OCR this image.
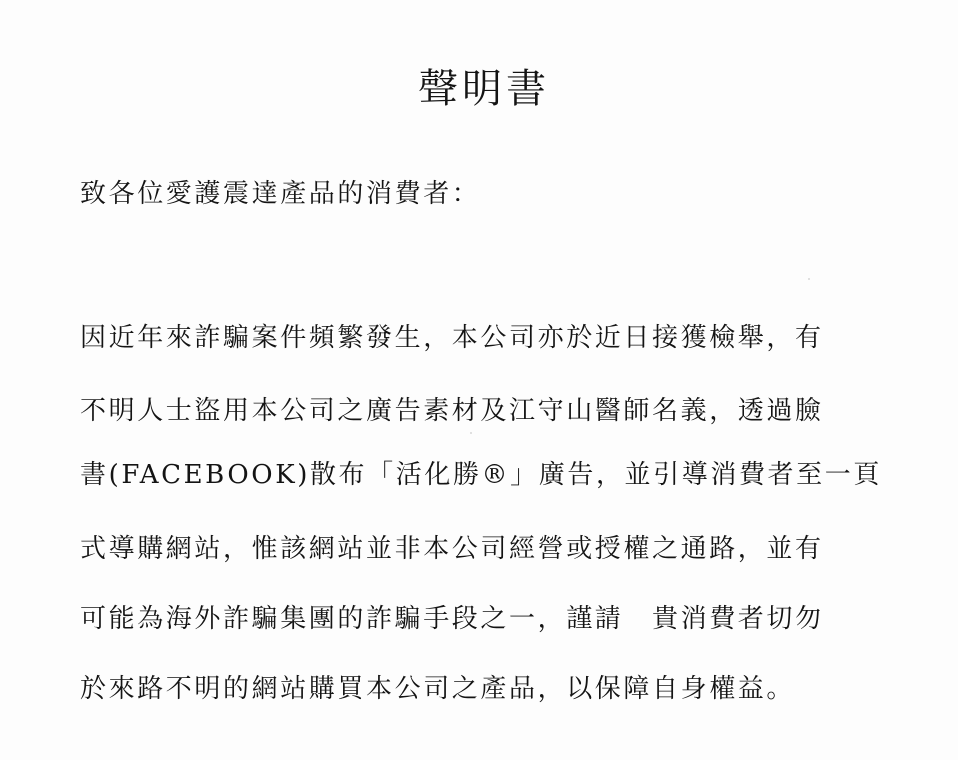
聲明書
致各位愛護震達產品的消費者：
因近年來詐騙案件頻繁發生，本公司亦於近日接獲檢舉，有
不明人士盜用本公司之廣告素材及江守山醫師名義，透過臉
書(FACEBOOK)散布「活化勝®」廣告，並引導消費者至一頁
式導購網站，惟該網站並非本公司經營或授權之通路，並有
可能為海外詐騙集團的詐騙手段之一，謹請　貴消費者切勿
於來路不明的網站購買本公司之產品，以保障自身權益。
